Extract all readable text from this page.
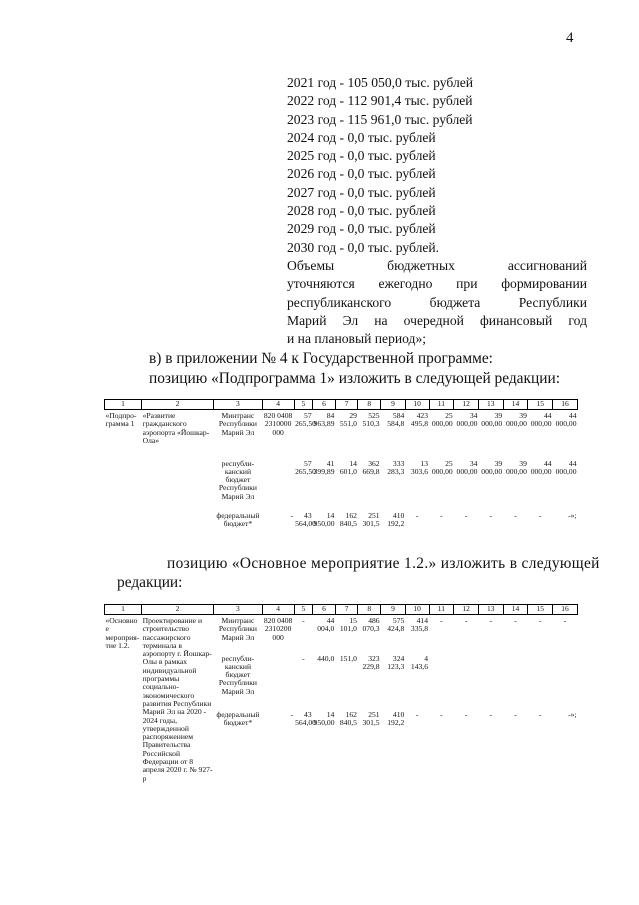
4
2021 год - 105 050,0 тыс. рублей
2022 год - 112 901,4 тыс. рублей
2023 год - 115 961,0 тыс. рублей
2024 год - 0,0 тыс. рублей
2025 год - 0,0 тыс. рублей
2026 год - 0,0 тыс. рублей
2027 год - 0,0 тыс. рублей
2028 год - 0,0 тыс. рублей
2029 год - 0,0 тыс. рублей
2030 год - 0,0 тыс. рублей.
Объемы бюджетных ассигнований
уточняются ежегодно при формировании
республиканского бюджета Республики
Марий Эл на очередной финансовый год
и на плановый период»;
в) в приложении № 4 к Государственной программе:
позицию «Подпрограмма 1» изложить в следующей редакции:
1	2	3	4	5	6	7	8	9	10	11	12	13	14	15	16
«Подпро-грамма 1	«Развитие гражданского аэропорта «Йошкар-Ола»	Минтранс Республики Марий Эл	820 0408 2310000 000	57 265,50	84 963,89	29 551,0	525 510,3	584 584,8	423 495,8	25 000,00	34 000,00	39 000,00	39 000,00	44 000,00	44 000,00
		республи-канский бюджет Республики Марий Эл		57 265,50	41 399,89	14 601,0	362 669,8	333 283,3	13 303,6	25 000,00	34 000,00	39 000,00	39 000,00	44 000,00	44 000,00
		федеральный бюджет*	-	43 564,00	14 950,00	162 840,5	251 301,5	410 192,2	-	-	-	-	-	-	-»;
позицию «Основное мероприятие 1.2.» изложить в следующей
редакции:
1	2	3	4	5	6	7	8	9	10	11	12	13	14	15	16
«Основное мероприя-тие 1.2.	Проектирование и строительство пассажирского терминала в аэропорту г. Йошкар-Олы в рамках индивидуальной программы социально-экономического развития Республики Марий Эл на 2020 - 2024 годы, утвержденной распоряжением Правительства Российской Федерации от 8 апреля 2020 г. № 927-р	Минтранс Республики Марий Эл	820 0408 2310200 000	-	44 004,0	15 101,0	486 070,3	575 424,8	414 335,8	-	-	-	-	-	-
		республи-канский бюджет Республики Марий Эл		-	440,0	151,0	323 229,8	324 123,3	4 143,6						
		федеральный бюджет*	-	43 564,00	14 950,00	162 840,5	251 301,5	410 192,2	-	-	-	-	-	-	-»;
